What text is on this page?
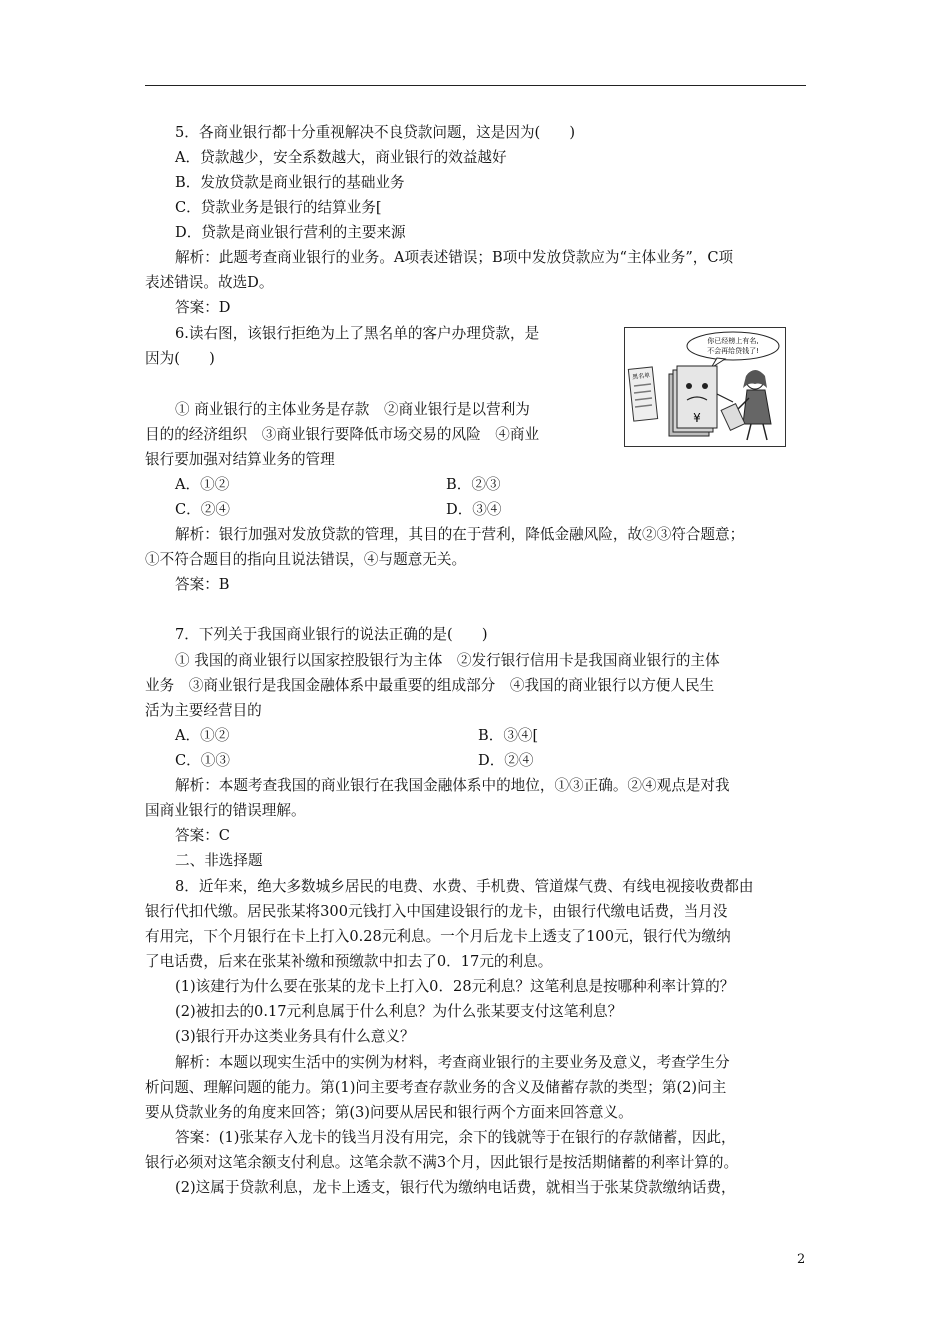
5．各商业银行都十分重视解决不良贷款问题，这是因为(　　)
A．贷款越少，安全系数越大，商业银行的效益越好
B．发放贷款是商业银行的基础业务
C．贷款业务是银行的结算业务[
D．贷款是商业银行营利的主要来源
解析：此题考查商业银行的业务。A项表述错误；B项中发放贷款应为“主体业务”，C项
表述错误。故选D。
答案：D
6.读右图，该银行拒绝为上了黑名单的客户办理贷款，是
因为(　　)
你已经榜上有名,
不会再给贷钱了!
黑名单
¥
① 商业银行的主体业务是存款　②商业银行是以营利为
目的的经济组织　③商业银行要降低市场交易的风险　④商业
银行要加强对结算业务的管理
A．①②	B．②③
C．②④	D．③④
解析：银行加强对发放贷款的管理，其目的在于营利，降低金融风险，故②③符合题意；
①不符合题目的指向且说法错误，④与题意无关。
答案：B
7．下列关于我国商业银行的说法正确的是(　　)
① 我国的商业银行以国家控股银行为主体　②发行银行信用卡是我国商业银行的主体
业务　③商业银行是我国金融体系中最重要的组成部分　④我国的商业银行以方便人民生
活为主要经营目的
A．①②	B．③④[
C．①③	D．②④
解析：本题考查我国的商业银行在我国金融体系中的地位，①③正确。②④观点是对我
国商业银行的错误理解。
答案：C
二、非选择题
8．近年来，绝大多数城乡居民的电费、水费、手机费、管道煤气费、有线电视接收费都由
银行代扣代缴。居民张某将300元钱打入中国建设银行的龙卡，由银行代缴电话费，当月没
有用完，下个月银行在卡上打入0.28元利息。一个月后龙卡上透支了100元，银行代为缴纳
了电话费，后来在张某补缴和预缴款中扣去了0．17元的利息。
(1)该建行为什么要在张某的龙卡上打入0．28元利息？这笔利息是按哪种利率计算的？
(2)被扣去的0.17元利息属于什么利息？为什么张某要支付这笔利息？
(3)银行开办这类业务具有什么意义？
解析：本题以现实生活中的实例为材料，考查商业银行的主要业务及意义，考查学生分
析问题、理解问题的能力。第(1)问主要考查存款业务的含义及储蓄存款的类型；第(2)问主
要从贷款业务的角度来回答；第(3)问要从居民和银行两个方面来回答意义。
答案：(1)张某存入龙卡的钱当月没有用完，余下的钱就等于在银行的存款储蓄，因此，
银行必须对这笔余额支付利息。这笔余款不满3个月，因此银行是按活期储蓄的利率计算的。
(2)这属于贷款利息，龙卡上透支，银行代为缴纳电话费，就相当于张某贷款缴纳话费，
2
